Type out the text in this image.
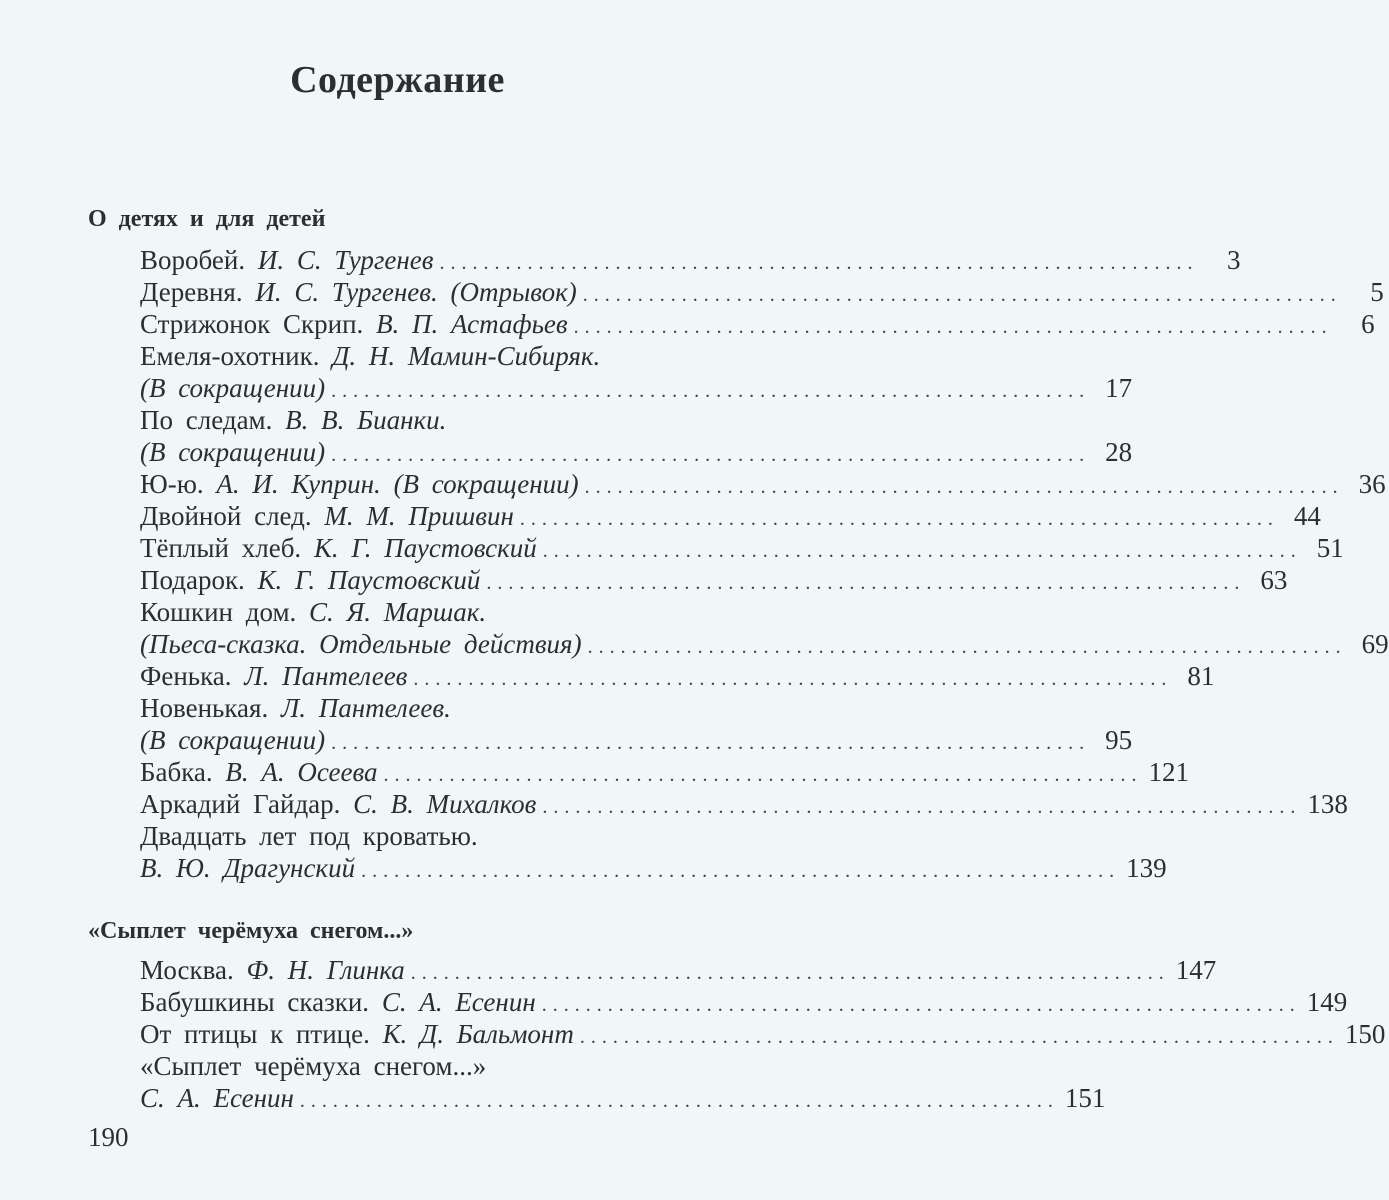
Содержание
О детях и для детей
Воробей. И. С. Тургенев .....................................................................	3
Деревня. И. С. Тургенев. (Отрывок) .....................................................................	5
Стрижонок Скрип. В. П. Астафьев .....................................................................	6
Емеля-охотник. Д. Н. Мамин-Сибиряк.
(В сокращении) ..................................................................... 17
По следам. В. В. Бианки.
(В сокращении) ..................................................................... 28
Ю-ю. А. И. Куприн. (В сокращении) ..................................................................... 36
Двойной след. М. М. Пришвин ..................................................................... 44
Тёплый хлеб. К. Г. Паустовский ..................................................................... 51
Подарок. К. Г. Паустовский ..................................................................... 63
Кошкин дом. С. Я. Маршак.
(Пьеса-сказка. Отдельные действия) ..................................................................... 69
Фенька. Л. Пантелеев ..................................................................... 81
Новенькая. Л. Пантелеев.
(В сокращении) ..................................................................... 95
Бабка. В. А. Осеева ..................................................................... 121
Аркадий Гайдар. С. В. Михалков ..................................................................... 138
Двадцать лет под кроватью.
В. Ю. Драгунский ..................................................................... 139
«Сыплет черёмуха снегом...»
Москва. Ф. Н. Глинка ..................................................................... 147
Бабушкины сказки. С. А. Есенин ..................................................................... 149
От птицы к птице. К. Д. Бальмонт ..................................................................... 150
«Сыплет черёмуха снегом...»
С. А. Есенин ..................................................................... 151
190
